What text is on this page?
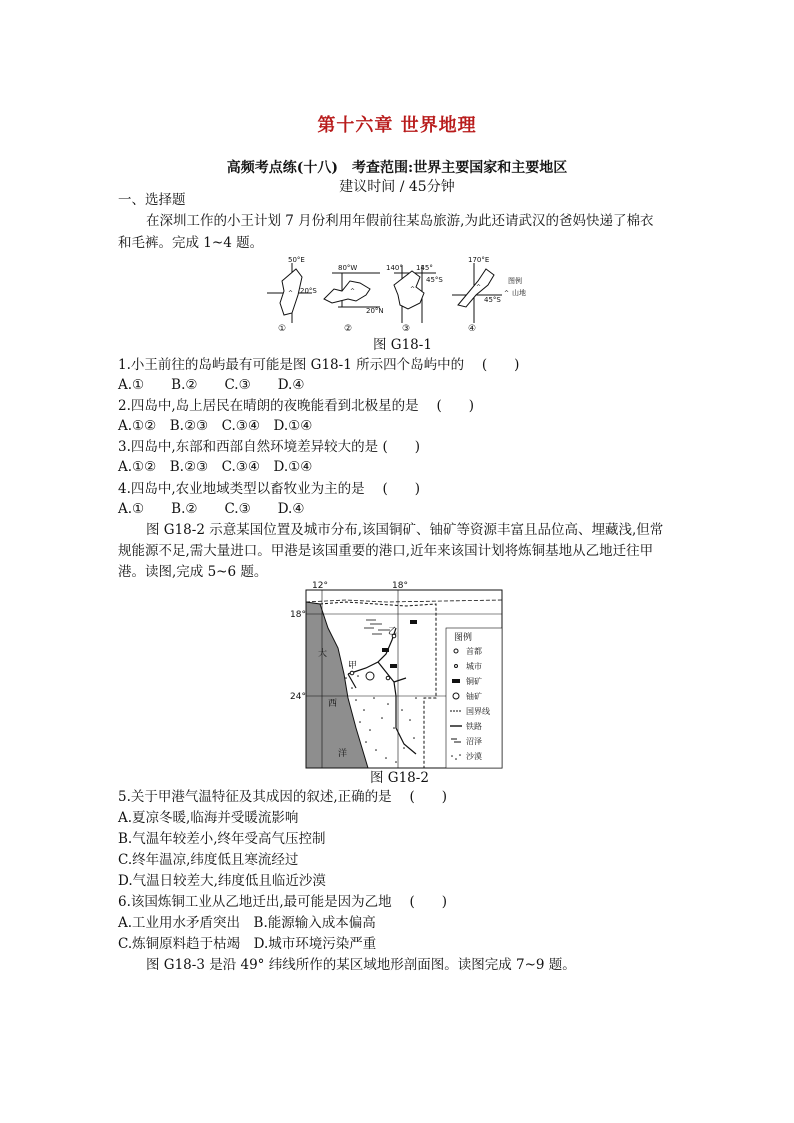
第十六章 世界地理
高频考点练(十八)　考查范围:世界主要国家和主要地区
建议时间 / 45分钟
一、选择题
在深圳工作的小王计划 7 月份利用年假前往某岛旅游,为此还请武汉的爸妈快递了棉衣
和毛裤。完成 1~4 题。
50°E
20°S
80°W
20°N
140° 145°
45°S
170°E
45°S
图例
山地
^
^
^
^
^
①	②	③	④
图 G18-1
1.小王前往的岛屿最有可能是图 G18-1 所示四个岛屿中的 　(　　)
A.①　　B.②　　C.③　　D.④
2.四岛中,岛上居民在晴朗的夜晚能看到北极星的是 　(　　)
A.①②　B.②③　C.③④　D.①④
3.四岛中,东部和西部自然环境差异较大的是 (　　)
A.①②　B.②③　C.③④　D.①④
4.四岛中,农业地域类型以畜牧业为主的是 　(　　)
A.①　　B.②　　C.③　　D.④
图 G18-2 示意某国位置及城市分布,该国铜矿、铀矿等资源丰富且品位高、埋藏浅,但常
规能源不足,需大量进口。甲港是该国重要的港口,近年来该国计划将炼铜基地从乙地迁往甲
港。读图,完成 5~6 题。
12°	18°
18°
24°
大
西
洋
乙
甲
图例
首都
城市
铜矿
铀矿
国界线
铁路
沼泽
沙漠
图 G18-2
5.关于甲港气温特征及其成因的叙述,正确的是 　(　　)
A.夏凉冬暖,临海并受暖流影响
B.气温年较差小,终年受高气压控制
C.终年温凉,纬度低且寒流经过
D.气温日较差大,纬度低且临近沙漠
6.该国炼铜工业从乙地迁出,最可能是因为乙地 　(　　)
A.工业用水矛盾突出　B.能源输入成本偏高
C.炼铜原料趋于枯竭　D.城市环境污染严重
图 G18-3 是沿 49° 纬线所作的某区域地形剖面图。读图完成 7~9 题。
